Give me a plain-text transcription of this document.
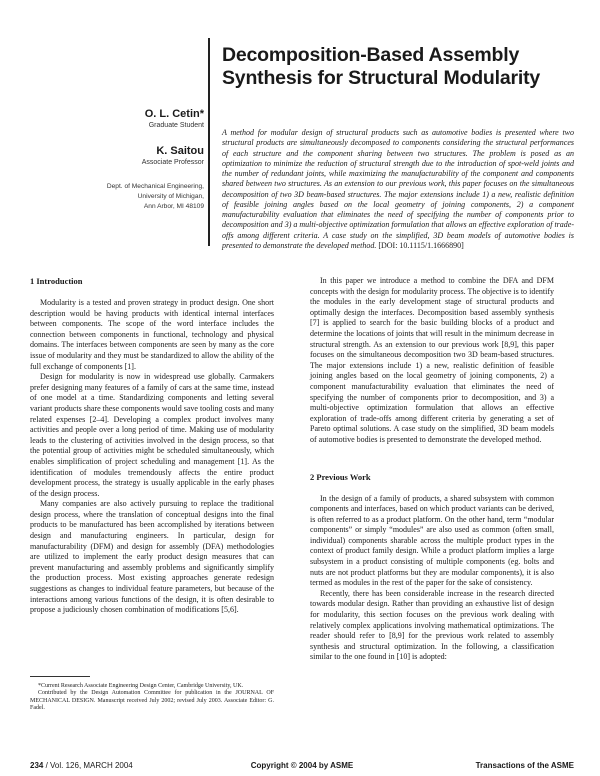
O. L. Cetin*
Graduate Student
K. Saitou
Associate Professor
Dept. of Mechanical Engineering,
University of Michigan,
Ann Arbor, MI 48109
Decomposition-Based Assembly Synthesis for Structural Modularity
A method for modular design of structural products such as automotive bodies is presented where two structural products are simultaneously decomposed to components considering the structural performances of each structure and the component sharing between two structures. The problem is posed as an optimization to minimize the reduction of structural strength due to the introduction of spot-weld joints and the number of redundant joints, while maximizing the manufacturability of the component and components shared between two structures. As an extension to our previous work, this paper focuses on the simultaneous decomposition of two 3D beam-based structures. The major extensions include 1) a new, realistic definition of feasible joining angles based on the local geometry of joining components, 2) a component manufacturability evaluation that eliminates the need of specifying the number of components prior to decomposition and 3) a multi-objective optimization formulation that allows an effective exploration of trade-offs among different criteria. A case study on the simplified, 3D beam models of automotive bodies is presented to demonstrate the developed method. [DOI: 10.1115/1.1666890]
1 Introduction

Modularity is a tested and proven strategy in product design. One short description would be having products with identical internal interfaces between components. The scope of the word interface includes the connection between components in functional, technology and physical domains. The interfaces between components are seen by many as the core issue of modularity and they must be standardized to allow the ability of the full exchange of components [1].

Design for modularity is now in widespread use globally. Carmakers prefer designing many features of a family of cars at the same time, instead of one model at a time. Standardizing components and letting several variant products share these components would save tooling costs and many related expenses [2–4]. Developing a complex product involves many activities and people over a long period of time. Making use of modularity leads to the clustering of activities involved in the design process, so that the potential group of activities might be scheduled simultaneously, which enables simplification of project scheduling and management [1]. As the identification of modules tremendously affects the entire product development process, the strategy is usually applicable in the early phases of the design process.

Many companies are also actively pursuing to replace the traditional design process, where the translation of conceptual designs into the final products to be manufactured has been accomplished by iterations between design and manufacturing engineers. In particular, design for manufacturability (DFM) and design for assembly (DFA) methodologies are utilized to implement the early product design measures that can prevent manufacturing and assembly problems and significantly simplify the production process. Most existing approaches generate redesign suggestions as changes to individual feature parameters, but because of the interactions among various functions of the design, it is often desirable to propose a judiciously chosen combination of modifications [5,6].

In this paper we introduce a method to combine the DFA and DFM concepts with the design for modularity process. The objective is to identify the modules in the early development stage of structural products and optimally design the interfaces. Decomposition based assembly synthesis [7] is applied to search for the basic building blocks of a product and determine the locations of joints that will result in the minimum decrease in structural strength. As an extension to our previous work [8,9], this paper focuses on the simultaneous decomposition two 3D beam-based structures. The major extensions include 1) a new, realistic definition of feasible joining angles based on the local geometry of joining components, 2) a component manufacturability evaluation that eliminates the need of specifying the number of components prior to decomposition, and 3) a multi-objective optimization formulation that allows an effective exploration of trade-offs among different criteria by generating a set of Pareto optimal solutions. A case study on the simplified, 3D beam models of automotive bodies is presented to demonstrate the developed method.

2 Previous Work

In the design of a family of products, a shared subsystem with common components and interfaces, based on which product variants can be derived, is often referred to as a product platform. On the other hand, term “modular components” or simply “modules” are also used as common (often small, individual) components sharable across the multiple product types in the context of product family design. While a product platform implies a large subsystem in a product consisting of multiple components (eg. bolts and nuts are not product platforms but they are modular components), it is also termed as modules in the rest of the paper for the sake of consistency.

Recently, there has been considerable increase in the research directed towards modular design. Rather than providing an exhaustive list of design for modularity, this section focuses on the previous work dealing with relatively complex applications involving mathematical optimizations. The reader should refer to [8,9] for the previous work related to assembly synthesis and structural optimization. In the following, a classification similar to the one found in [10] is adopted:

*Current Research Associate Engineering Design Center, Cambridge University, UK.

Contributed by the Design Automation Committee for publication in the JOURNAL OF MECHANICAL DESIGN. Manuscript received July 2002; revised July 2003. Associate Editor: G. Fadel.

234 / Vol. 126, MARCH 2004	Copyright © 2004 by ASME	Transactions of the ASME
